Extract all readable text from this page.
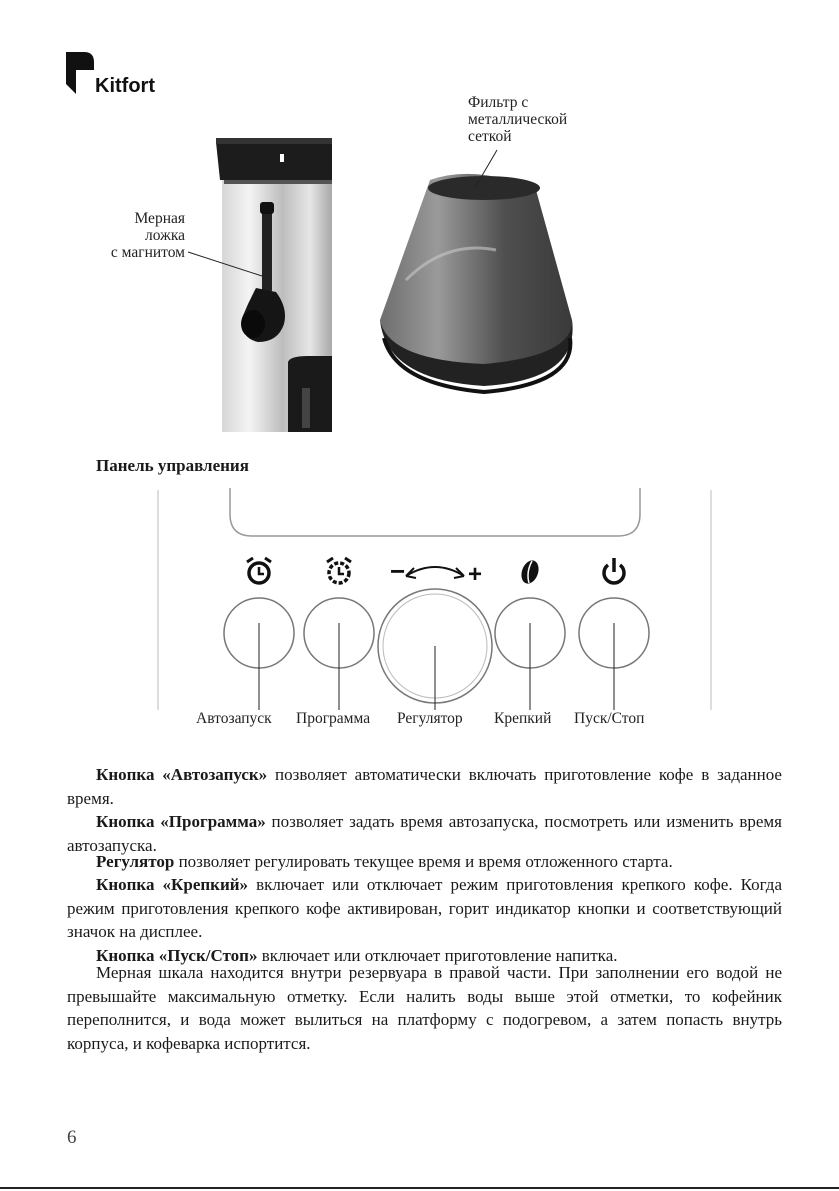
Kitfort
Мерная
ложка
с магнитом
Фильтр с
металлической
сеткой
Панель управления
−	+
Автозапуск Программа Регулятор Крепкий Пуск/Стоп
Кнопка «Автозапуск» позволяет автоматически включать приготовление кофе в заданное время.
Кнопка «Программа» позволяет задать время автозапуска, посмотреть или изменить время автозапуска.
Регулятор позволяет регулировать текущее время и время отложенного старта.
Кнопка «Крепкий» включает или отключает режим приготовления крепкого кофе. Когда режим приготовления крепкого кофе активирован, горит индикатор кнопки и соответствующий значок на дисплее.
Кнопка «Пуск/Стоп» включает или отключает приготовление напитка.
Мерная шкала находится внутри резервуара в правой части. При заполнении его водой не превышайте максимальную отметку. Если налить воды выше этой отметки, то кофейник переполнится, и вода может вылиться на платформу с подогревом, а затем попасть внутрь корпуса, и кофеварка испортится.
6
